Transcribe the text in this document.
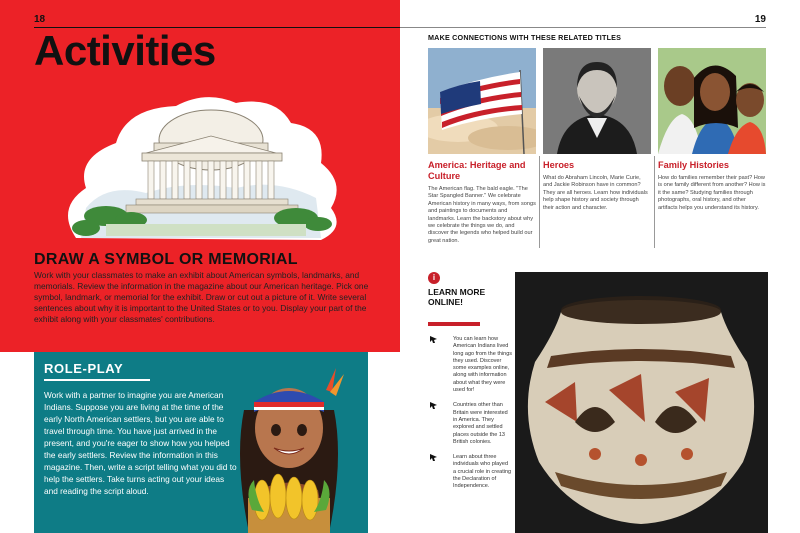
18
Activities
DRAW A SYMBOL OR MEMORIAL
Work with your classmates to make an exhibit about American symbols, landmarks, and memorials. Review the information in the magazine about our American heritage. Pick one symbol, landmark, or memorial for the exhibit. Draw or cut out a picture of it. Write several sentences about why it is important to the United States or to you. Display your part of the exhibit along with your classmates' contributions.
ROLE-PLAY
Work with a partner to imagine you are American Indians. Suppose you are living at the time of the early North American settlers, but you are able to travel through time. You have just arrived in the present, and you're eager to show how you helped the early settlers. Review the information in this magazine. Then, write a script telling what you did to help the settlers. Take turns acting out your ideas and reading the script aloud.
19
MAKE CONNECTIONS WITH THESE RELATED TITLES
America: Heritage and Culture
The American flag. The bald eagle. "The Star Spangled Banner." We celebrate American history in many ways, from songs and paintings to documents and landmarks. Learn the backstory about why we celebrate the things we do, and discover the legends who helped build our great nation.
Heroes
What do Abraham Lincoln, Marie Curie, and Jackie Robinson have in common? They are all heroes. Learn how individuals help shape history and society through their action and character.
Family Histories
How do families remember their past? How is one family different from another? How is it the same? Studying families through photographs, oral history, and other artifacts helps you understand its history.
i
LEARN MORE ONLINE!
You can learn how American Indians lived long ago from the things they used. Discover some examples online, along with information about what they were used for!
Countries other than Britain were interested in America. They explored and settled places outside the 13 British colonies.
Learn about three individuals who played a crucial role in creating the Declaration of Independence.
